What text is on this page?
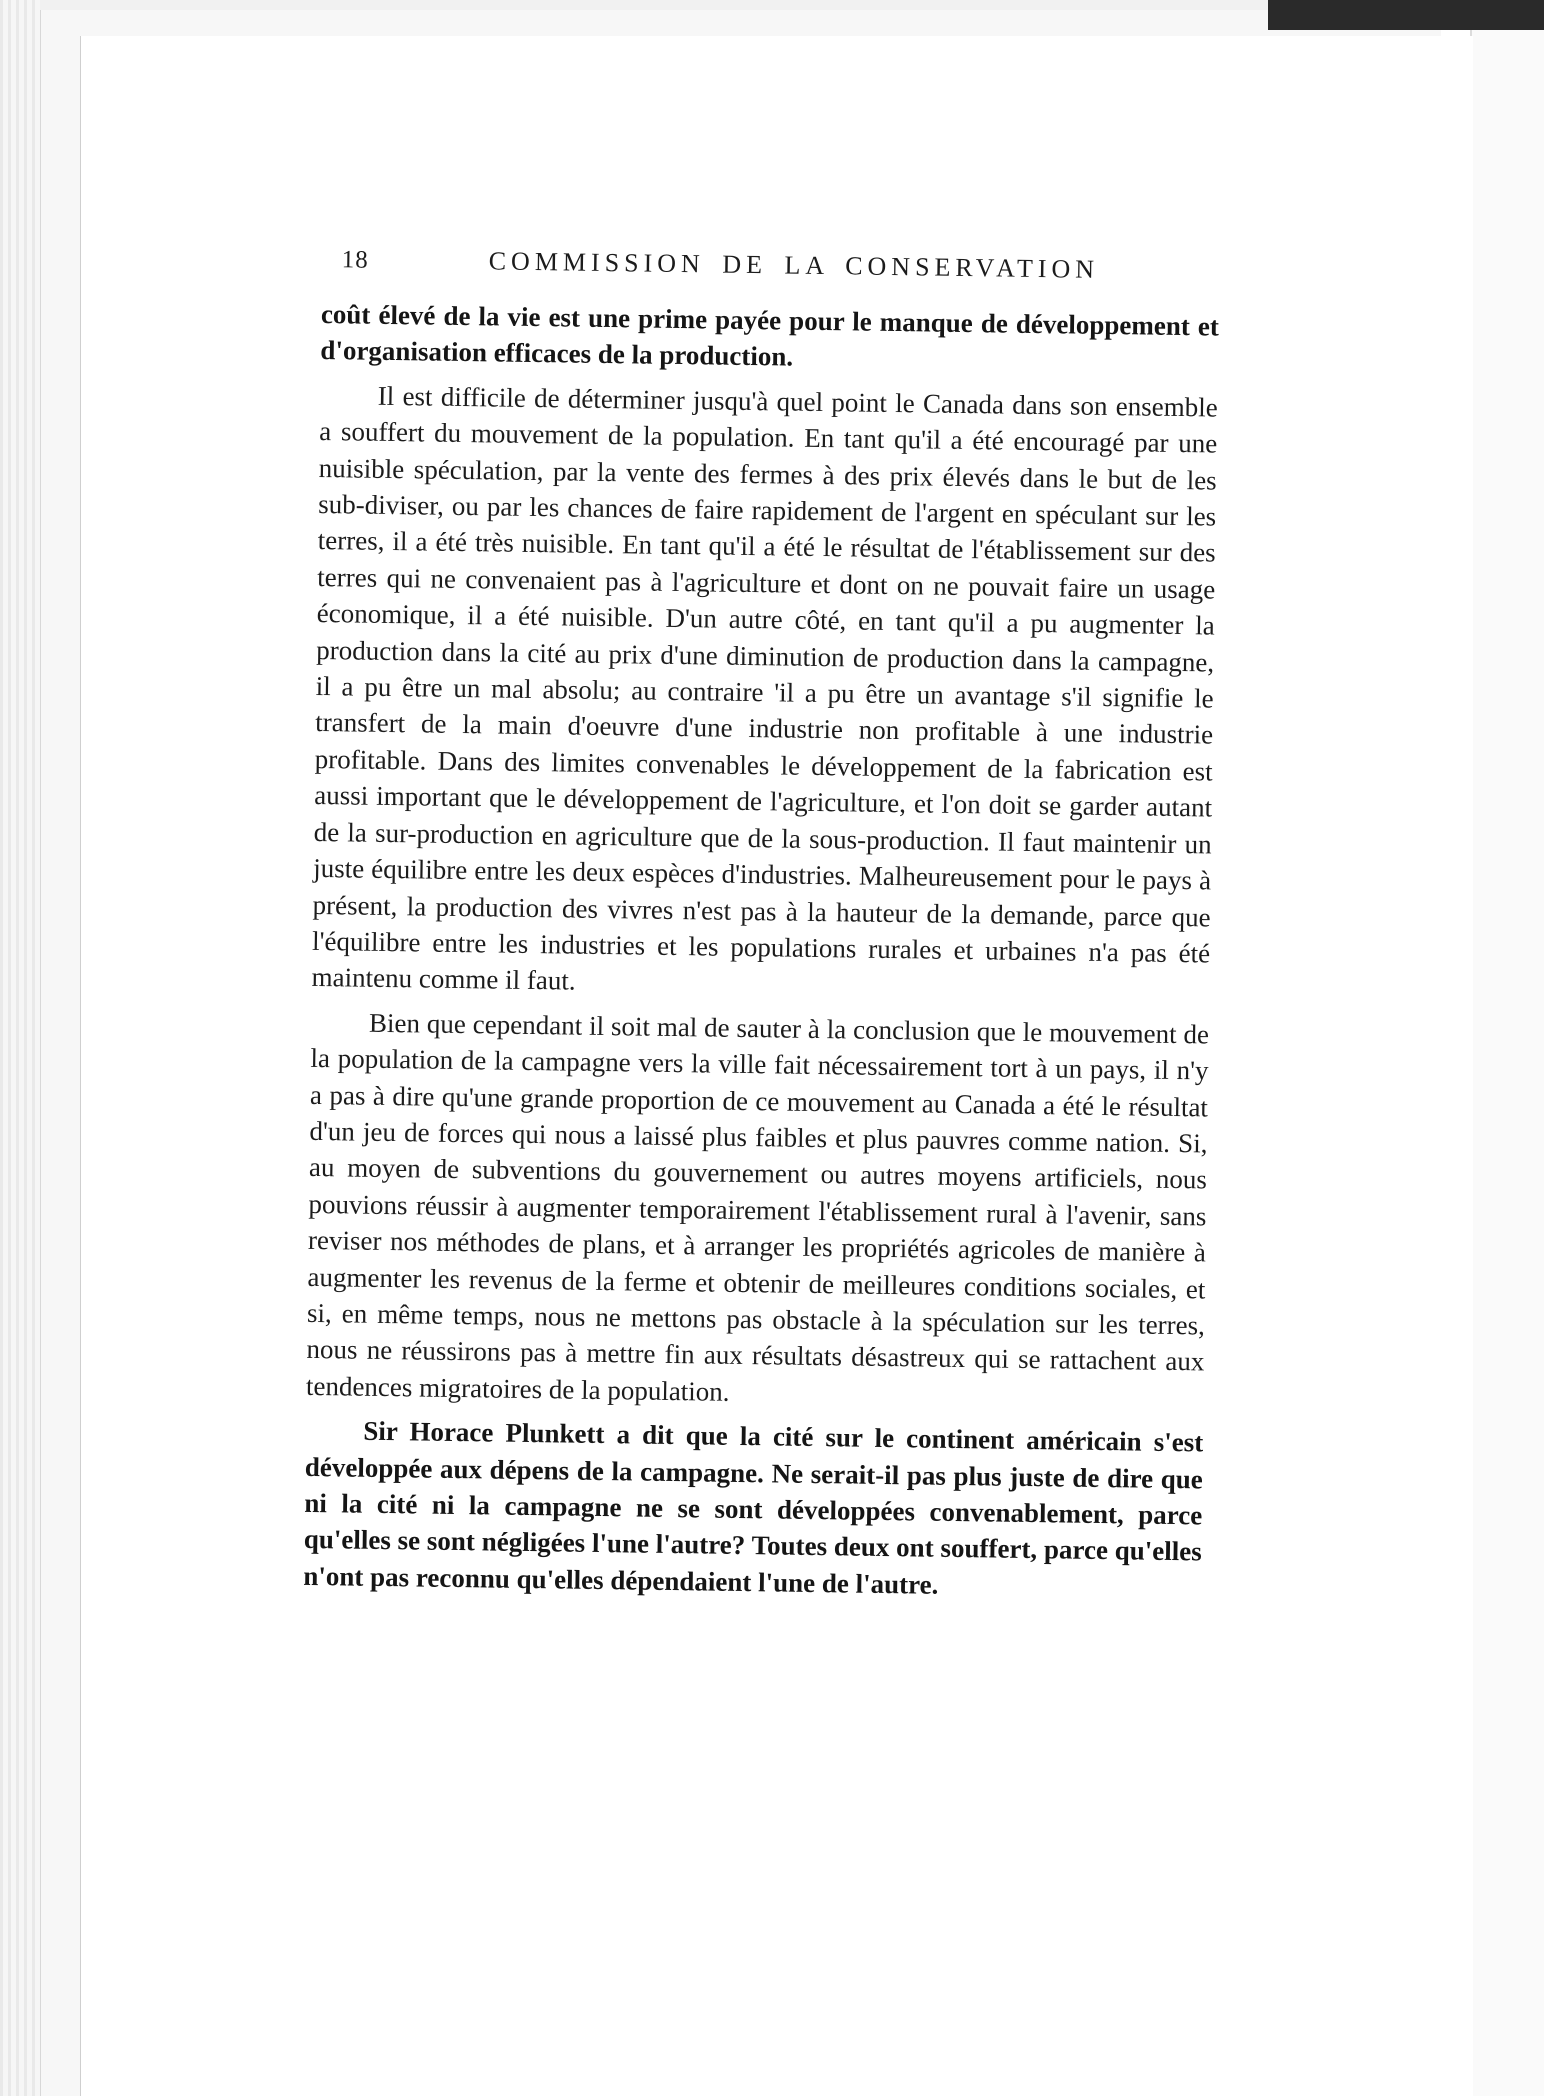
18	COMMISSION DE LA CONSERVATION

coût élevé de la vie est une prime payée pour le manque de développement et d'organisation efficaces de la production.

Il est difficile de déterminer jusqu'à quel point le Canada dans son ensemble a souffert du mouvement de la population. En tant qu'il a été encouragé par une nuisible spéculation, par la vente des fermes à des prix élevés dans le but de les sub-diviser, ou par les chances de faire rapidement de l'argent en spéculant sur les terres, il a été très nuisible. En tant qu'il a été le résultat de l'établissement sur des terres qui ne convenaient pas à l'agriculture et dont on ne pouvait faire un usage économique, il a été nuisible. D'un autre côté, en tant qu'il a pu augmenter la production dans la cité au prix d'une diminution de production dans la campagne, il a pu être un mal absolu; au contraire 'il a pu être un avantage s'il signifie le transfert de la main d'oeuvre d'une industrie non profitable à une industrie profitable. Dans des limites convenables le développement de la fabrication est aussi important que le développement de l'agriculture, et l'on doit se garder autant de la sur-production en agriculture que de la sous-production. Il faut maintenir un juste équilibre entre les deux espèces d'industries. Malheureusement pour le pays à présent, la production des vivres n'est pas à la hauteur de la demande, parce que l'équilibre entre les industries et les populations rurales et urbaines n'a pas été maintenu comme il faut.

Bien que cependant il soit mal de sauter à la conclusion que le mouvement de la population de la campagne vers la ville fait nécessairement tort à un pays, il n'y a pas à dire qu'une grande proportion de ce mouvement au Canada a été le résultat d'un jeu de forces qui nous a laissé plus faibles et plus pauvres comme nation. Si, au moyen de subventions du gouvernement ou autres moyens artificiels, nous pouvions réussir à augmenter temporairement l'établissement rural à l'avenir, sans reviser nos méthodes de plans, et à arranger les propriétés agricoles de manière à augmenter les revenus de la ferme et obtenir de meilleures conditions sociales, et si, en même temps, nous ne mettons pas obstacle à la spéculation sur les terres, nous ne réussirons pas à mettre fin aux résultats désastreux qui se rattachent aux tendences migratoires de la population.

Sir Horace Plunkett a dit que la cité sur le continent américain s'est développée aux dépens de la campagne. Ne serait-il pas plus juste de dire que ni la cité ni la campagne ne se sont développées convenablement, parce qu'elles se sont négligées l'une l'autre? Toutes deux ont souffert, parce qu'elles n'ont pas reconnu qu'elles dépendaient l'une de l'autre.
